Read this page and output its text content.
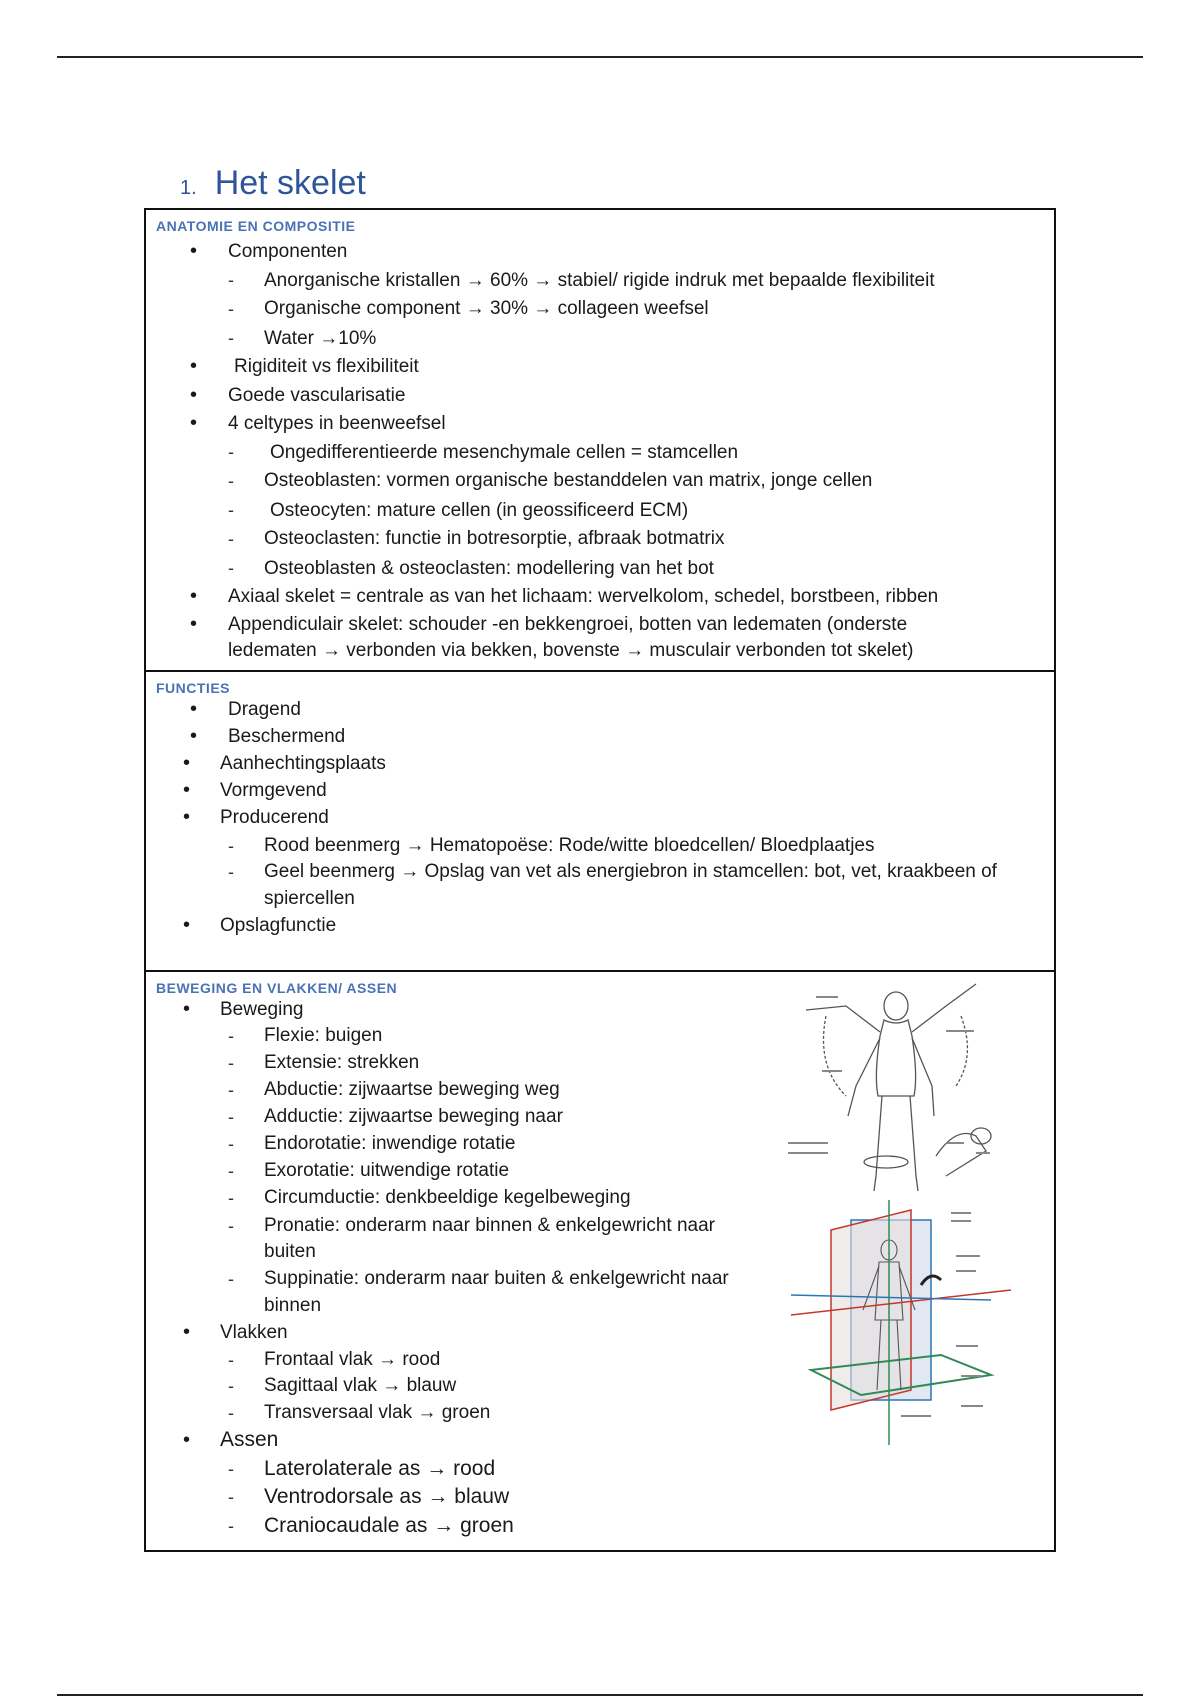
1. Het skelet
ANATOMIE EN COMPOSITIE
• Componenten
- Anorganische kristallen → 60% → stabiel/ rigide indruk met bepaalde flexibiliteit
- Organische component → 30% → collageen weefsel
- Water →10%
• Rigiditeit vs flexibiliteit
• Goede vascularisatie
• 4 celtypes in beenweefsel
- Ongedifferentieerde mesenchymale cellen = stamcellen
- Osteoblasten: vormen organische bestanddelen van matrix, jonge cellen
- Osteocyten: mature cellen (in geossificeerd ECM)
- Osteoclasten: functie in botresorptie, afbraak botmatrix
- Osteoblasten & osteoclasten: modellering van het bot
• Axiaal skelet = centrale as van het lichaam: wervelkolom, schedel, borstbeen, ribben
• Appendiculair skelet: schouder -en bekkengroei, botten van ledematen (onderste
ledematen → verbonden via bekken, bovenste → musculair verbonden tot skelet)
FUNCTIES
• Dragend
• Beschermend
• Aanhechtingsplaats
• Vormgevend
• Producerend
- Rood beenmerg → Hematopoëse: Rode/witte bloedcellen/ Bloedplaatjes
- Geel beenmerg → Opslag van vet als energiebron in stamcellen: bot, vet, kraakbeen of
spiercellen
• Opslagfunctie
BEWEGING EN VLAKKEN/ ASSEN
• Beweging
- Flexie: buigen
- Extensie: strekken
- Abductie: zijwaartse beweging weg
- Adductie: zijwaartse beweging naar
- Endorotatie: inwendige rotatie
- Exorotatie: uitwendige rotatie
- Circumductie: denkbeeldige kegelbeweging
- Pronatie: onderarm naar binnen & enkelgewricht naar
buiten
- Suppinatie: onderarm naar buiten & enkelgewricht naar
binnen
• Vlakken
- Frontaal vlak → rood
- Sagittaal vlak → blauw
- Transversaal vlak → groen
• Assen
- Laterolaterale as → rood
- Ventrodorsale as → blauw
- Craniocaudale as → groen
